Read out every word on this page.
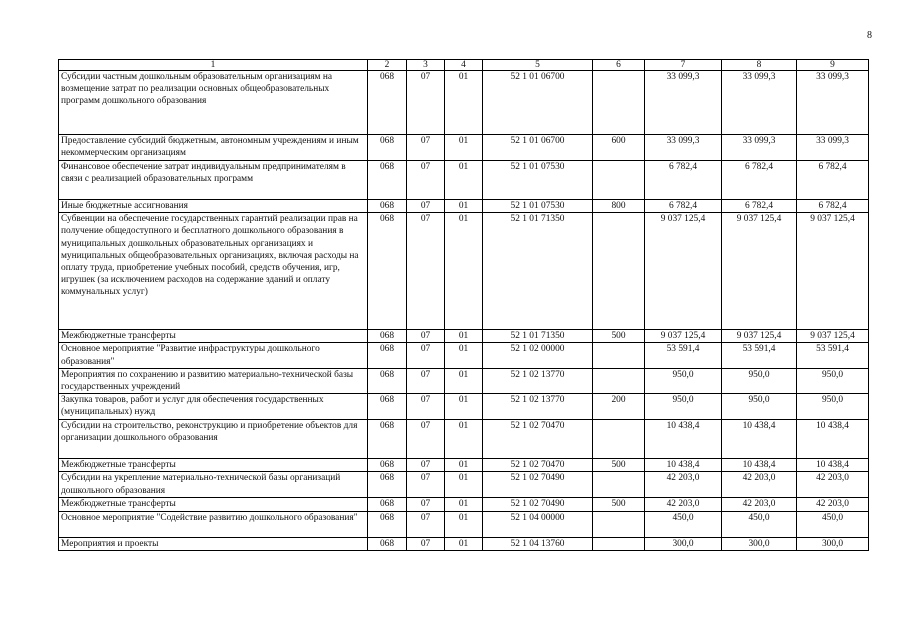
8
1	2	3	4	5	6	7	8	9
Субсидии частным дошкольным образовательным организациям на возмещение затрат по реализации основных общеобразовательных программ дошкольного образования	068	07	01	52 1 01 06700		33 099,3	33 099,3	33 099,3
Предоставление субсидий бюджетным, автономным учреждениям и иным некоммерческим организациям	068	07	01	52 1 01 06700	600	33 099,3	33 099,3	33 099,3
Финансовое обеспечение затрат индивидуальным предпринимателям в связи с реализацией образовательных программ	068	07	01	52 1 01 07530		6 782,4	6 782,4	6 782,4
Иные бюджетные ассигнования	068	07	01	52 1 01 07530	800	6 782,4	6 782,4	6 782,4
Субвенции на обеспечение государственных гарантий реализации прав на получение общедоступного и бесплатного дошкольного образования в муниципальных дошкольных образовательных организациях и муниципальных общеобразовательных организациях, включая расходы на оплату труда, приобретение учебных пособий, средств обучения, игр, игрушек (за исключением расходов на содержание зданий и оплату коммунальных услуг)	068	07	01	52 1 01 71350		9 037 125,4	9 037 125,4	9 037 125,4
Межбюджетные трансферты	068	07	01	52 1 01 71350	500	9 037 125,4	9 037 125,4	9 037 125,4
Основное мероприятие "Развитие инфраструктуры дошкольного образования"	068	07	01	52 1 02 00000		53 591,4	53 591,4	53 591,4
Мероприятия по сохранению и развитию материально-технической базы государственных учреждений	068	07	01	52 1 02 13770		950,0	950,0	950,0
Закупка товаров, работ и услуг для обеспечения государственных (муниципальных) нужд	068	07	01	52 1 02 13770	200	950,0	950,0	950,0
Субсидии на строительство, реконструкцию и приобретение объектов для организации дошкольного образования	068	07	01	52 1 02 70470		10 438,4	10 438,4	10 438,4
Межбюджетные трансферты	068	07	01	52 1 02 70470	500	10 438,4	10 438,4	10 438,4
Субсидии на укрепление материально-технической базы организаций дошкольного образования	068	07	01	52 1 02 70490		42 203,0	42 203,0	42 203,0
Межбюджетные трансферты	068	07	01	52 1 02 70490	500	42 203,0	42 203,0	42 203,0
Основное мероприятие "Содействие развитию дошкольного образования"	068	07	01	52 1 04 00000		450,0	450,0	450,0
Мероприятия и проекты	068	07	01	52 1 04 13760		300,0	300,0	300,0
